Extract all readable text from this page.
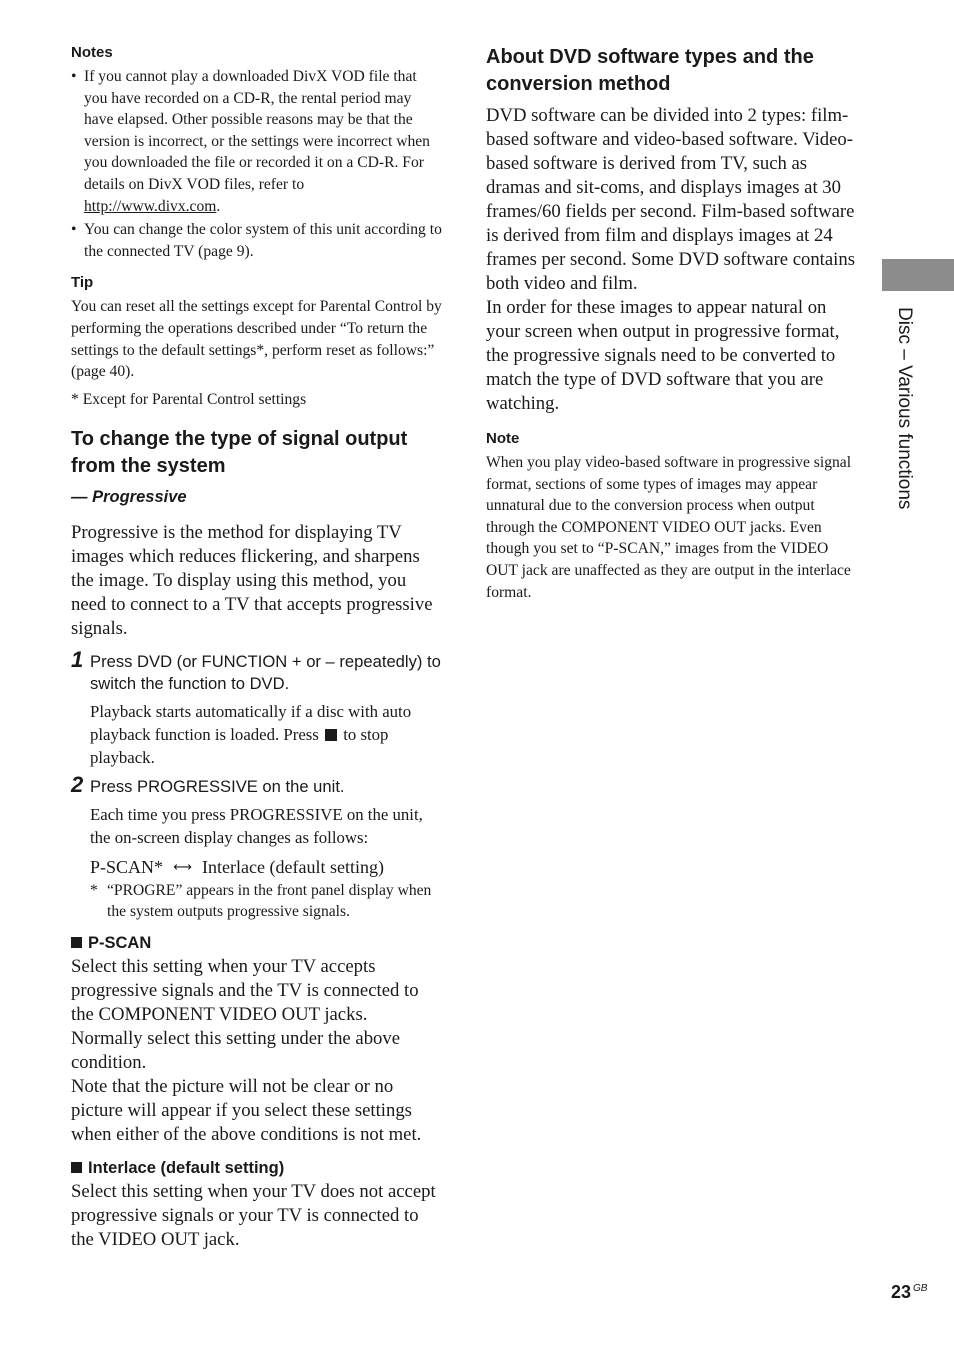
Notes
• If you cannot play a downloaded DivX VOD file that you have recorded on a CD-R, the rental period may have elapsed. Other possible reasons may be that the version is incorrect, or the settings were incorrect when you downloaded the file or recorded it on a CD-R. For details on DivX VOD files, refer to http://www.divx.com.
• You can change the color system of this unit according to the connected TV (page 9).
Tip
You can reset all the settings except for Parental Control by performing the operations described under “To return the settings to the default settings*, perform reset as follows:” (page 40).
* Except for Parental Control settings
To change the type of signal output from the system
— Progressive

Progressive is the method for displaying TV images which reduces flickering, and sharpens the image. To display using this method, you need to connect to a TV that accepts progressive signals.

1 Press DVD (or FUNCTION + or – repeatedly) to switch the function to DVD.

Playback starts automatically if a disc with auto playback function is loaded. Press  to stop playback.

2 Press PROGRESSIVE on the unit.

Each time you press PROGRESSIVE on the unit, the on-screen display changes as follows:

P-SCAN* ⟷ Interlace (default setting)
* “PROGRE” appears in the front panel display when the system outputs progressive signals.
P-SCAN

Select this setting when your TV accepts progressive signals and the TV is connected to the COMPONENT VIDEO OUT jacks. Normally select this setting under the above condition.

Note that the picture will not be clear or no picture will appear if you select these settings when either of the above conditions is not met.

Interlace (default setting)

Select this setting when your TV does not accept progressive signals or your TV is connected to the VIDEO OUT jack.

About DVD software types and the conversion method

DVD software can be divided into 2 types: film-based software and video-based software. Video-based software is derived from TV, such as dramas and sit-coms, and displays images at 30 frames/60 fields per second. Film-based software is derived from film and displays images at 24 frames per second. Some DVD software contains both video and film.

In order for these images to appear natural on your screen when output in progressive format, the progressive signals need to be converted to match the type of DVD software that you are watching.

Note
When you play video-based software in progressive signal format, sections of some types of images may appear unnatural due to the conversion process when output through the COMPONENT VIDEO OUT jacks. Even though you set to “P-SCAN,” images from the VIDEO OUT jack are unaffected as they are output in the interlace format.
Disc – Various functions
23 $^{GB}$
